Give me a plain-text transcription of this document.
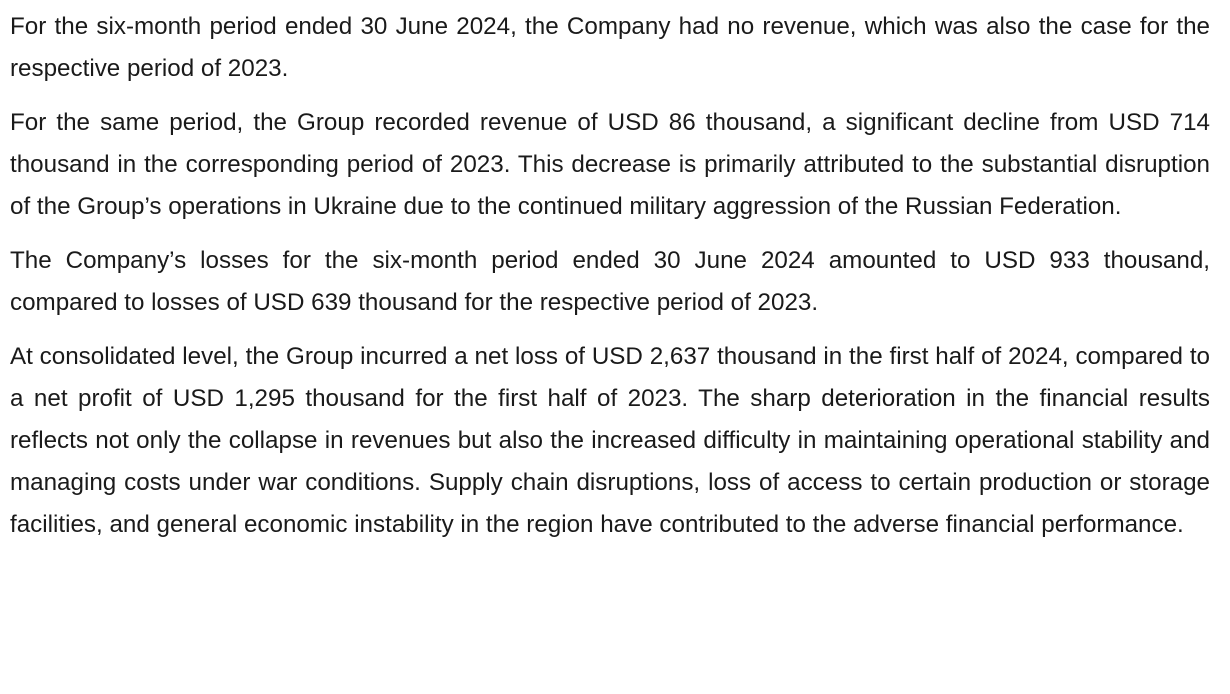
For the six-month period ended 30 June 2024, the Company had no revenue, which was also the case for the respective period of 2023.

For the same period, the Group recorded revenue of USD 86 thousand, a significant decline from USD 714 thousand in the corresponding period of 2023. This decrease is primarily attributed to the substantial disruption of the Group’s operations in Ukraine due to the continued military aggression of the Russian Federation.

The Company’s losses for the six-month period ended 30 June 2024 amounted to USD 933 thousand, compared to losses of USD 639 thousand for the respective period of 2023.

At consolidated level, the Group incurred a net loss of USD 2,637 thousand in the first half of 2024, compared to a net profit of USD 1,295 thousand for the first half of 2023. The sharp deterioration in the financial results reflects not only the collapse in revenues but also the increased difficulty in maintaining operational stability and managing costs under war conditions. Supply chain disruptions, loss of access to certain production or storage facilities, and general economic instability in the region have contributed to the adverse financial performance.
